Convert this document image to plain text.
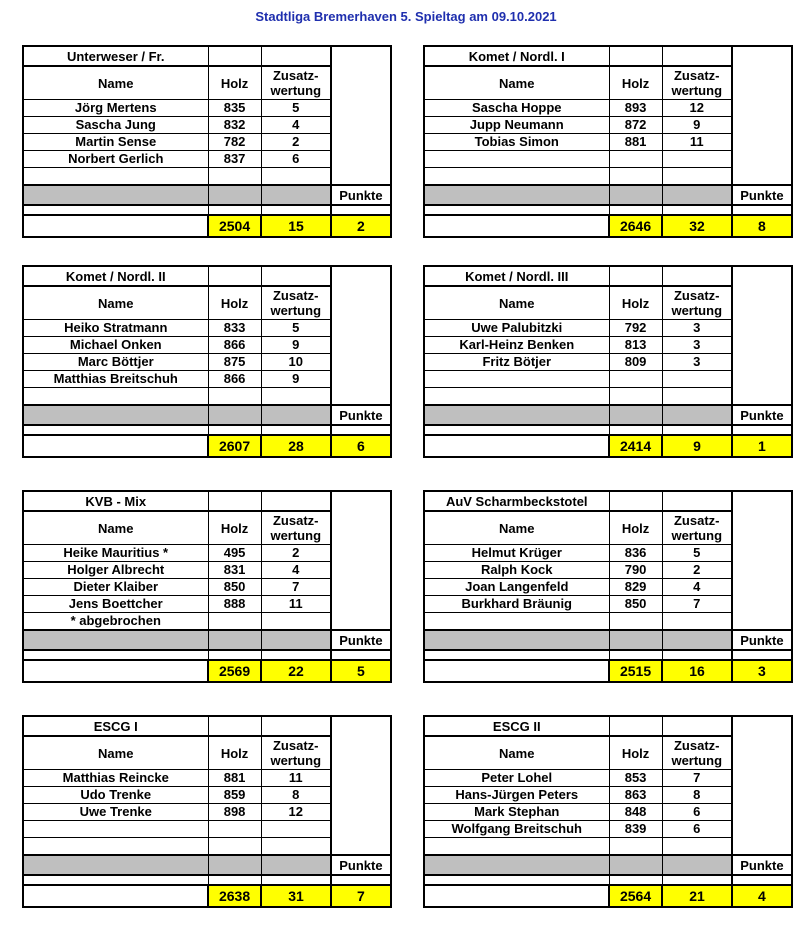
Stadtliga Bremerhaven 5. Spieltag am 09.10.2021
Unterweser / Fr.			
Name	Holz	Zusatz-
wertung	

Jörg Mertens	835	5	
Sascha Jung	832	4	
Martin Sense	782	2	
Norbert Gerlich	837	6	

			Punkte

	2504	15	2
Komet / Nordl. I			
Name	Holz	Zusatz-
wertung	

Sascha Hoppe	893	12	
Jupp Neumann	872	9	
Tobias Simon	881	11	

			Punkte

	2646	32	8
Komet / Nordl. II			
Name	Holz	Zusatz-
wertung	

Heiko Stratmann	833	5	
Michael Onken	866	9	
Marc Böttjer	875	10	
Matthias Breitschuh	866	9	

			Punkte

	2607	28	6
Komet / Nordl. III			
Name	Holz	Zusatz-
wertung	

Uwe Palubitzki	792	3	
Karl-Heinz Benken	813	3	
Fritz Bötjer	809	3	

			Punkte

	2414	9	1
KVB - Mix			
Name	Holz	Zusatz-
wertung	

Heike Mauritius *	495	2	
Holger Albrecht	831	4	
Dieter Klaiber	850	7	
Jens Boettcher	888	11	
* abgebrochen			
			Punkte

	2569	22	5
AuV Scharmbeckstotel			
Name	Holz	Zusatz-
wertung	

Helmut Krüger	836	5	
Ralph Kock	790	2	
Joan Langenfeld	829	4	
Burkhard Bräunig	850	7	

			Punkte

	2515	16	3
ESCG I			
Name	Holz	Zusatz-
wertung	

Matthias Reincke	881	11	
Udo Trenke	859	8	
Uwe Trenke	898	12	

			Punkte

	2638	31	7
ESCG II			
Name	Holz	Zusatz-
wertung	

Peter Lohel	853	7	
Hans-Jürgen Peters	863	8	
Mark Stephan	848	6	
Wolfgang Breitschuh	839	6	

			Punkte

	2564	21	4
